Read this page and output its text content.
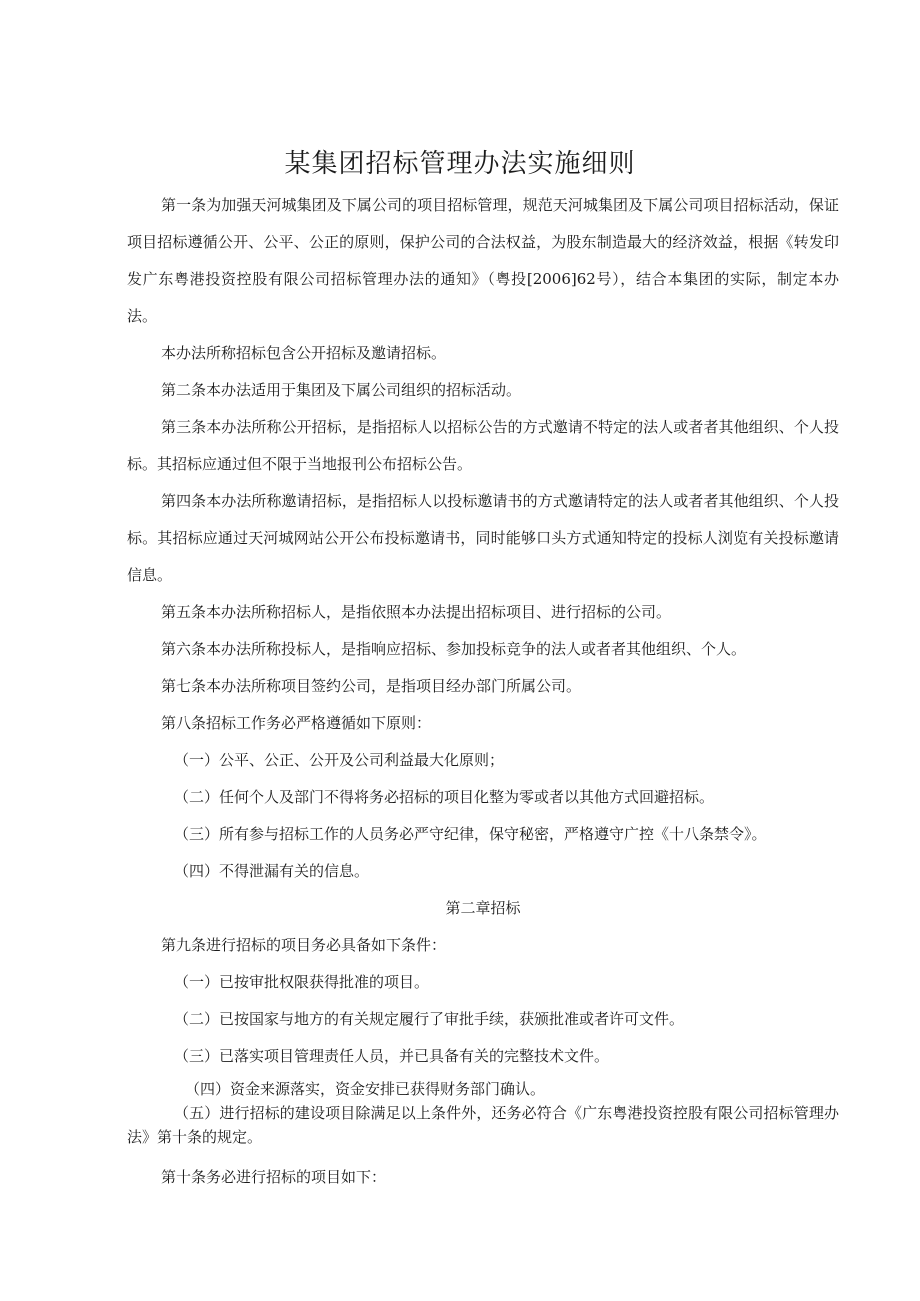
某集团招标管理办法实施细则

第一条为加强天河城集团及下属公司的项目招标管理，规范天河城集团及下属公司项目招标活动，保证项目招标遵循公开、公平、公正的原则，保护公司的合法权益，为股东制造最大的经济效益，根据《转发印发广东粤港投资控股有限公司招标管理办法的通知》（粤投[2006]62号），结合本集团的实际，制定本办法。

本办法所称招标包含公开招标及邀请招标。

第二条本办法适用于集团及下属公司组织的招标活动。

第三条本办法所称公开招标，是指招标人以招标公告的方式邀请不特定的法人或者者其他组织、个人投标。其招标应通过但不限于当地报刊公布招标公告。

第四条本办法所称邀请招标，是指招标人以投标邀请书的方式邀请特定的法人或者者其他组织、个人投标。其招标应通过天河城网站公开公布投标邀请书，同时能够口头方式通知特定的投标人浏览有关投标邀请信息。

第五条本办法所称招标人，是指依照本办法提出招标项目、进行招标的公司。

第六条本办法所称投标人，是指响应招标、参加投标竞争的法人或者者其他组织、个人。

第七条本办法所称项目签约公司，是指项目经办部门所属公司。

第八条招标工作务必严格遵循如下原则：

（一）公平、公正、公开及公司利益最大化原则；

（二）任何个人及部门不得将务必招标的项目化整为零或者以其他方式回避招标。

（三）所有参与招标工作的人员务必严守纪律，保守秘密，严格遵守广控《十八条禁令》。

（四）不得泄漏有关的信息。

第二章招标

第九条进行招标的项目务必具备如下条件：

（一）已按审批权限获得批准的项目。

（二）已按国家与地方的有关规定履行了审批手续，获颁批准或者许可文件。

（三）已落实项目管理责任人员，并已具备有关的完整技术文件。

（四）资金来源落实，资金安排已获得财务部门确认。

（五）进行招标的建设项目除满足以上条件外，还务必符合《广东粤港投资控股有限公司招标管理办法》第十条的规定。

第十条务必进行招标的项目如下：
